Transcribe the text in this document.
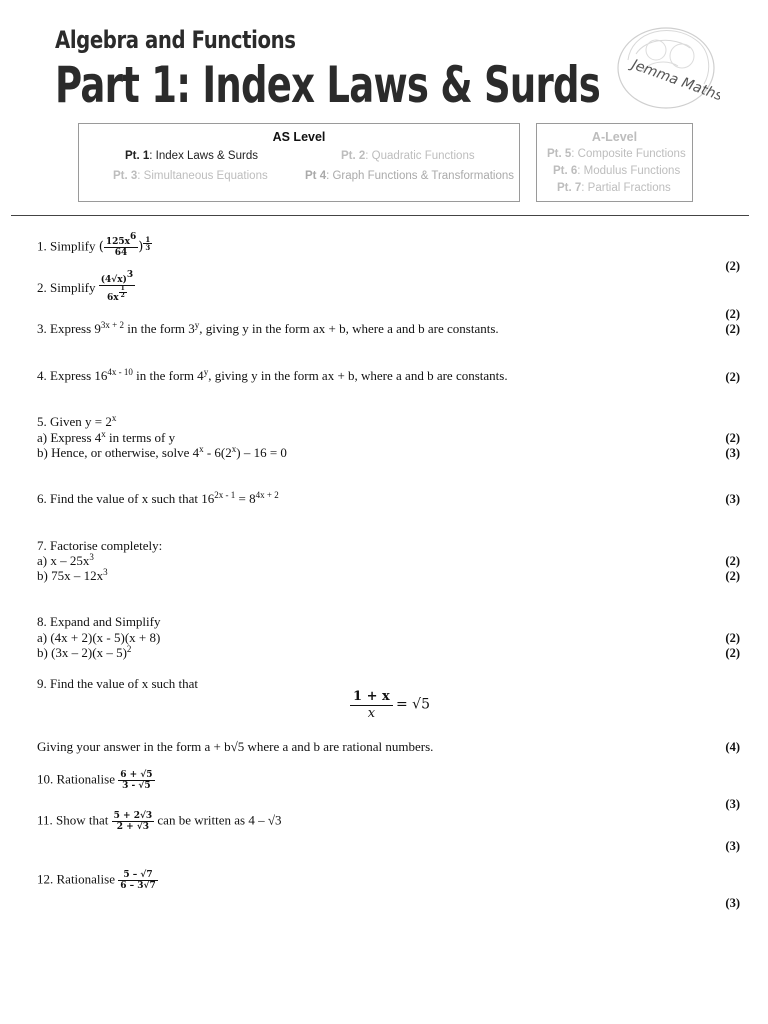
Algebra and Functions
Part 1: Index Laws & Surds Jemma Maths
AS Level
Pt. 1: Index Laws & Surds	Pt. 2: Quadratic Functions
Pt. 3: Simultaneous Equations	Pt 4: Graph Functions & Transformations
A-Level
Pt. 5: Composite Functions
Pt. 6: Modulus Functions
Pt. 7: Partial Fractions
1. Simplify ( $\frac{125x^6}{64}$ ) $^{\frac{1}{3}}$
(2)
2. Simplify $(4√x)^3$
6x $^{\frac{1}{2}}$
(2)
3. Express $9^{3x + 2}$ in the form 3$^y$, giving y in the form ax + b, where a and b are constants.	(2)
4. Express $16^{4x - 10}$ in the form 4$^y$, giving y in the form ax + b, where a and b are constants.	(2)
5. Given $y = 2^x$
a) Express 4$^x$ in terms of y	(2)
b) Hence, or otherwise, solve 4$^x$ - 6(2$^x$) – 16 = 0	(3)
6. Find the value of x such that $16^{2x - 1} = 8^{4x + 2}$	(3)
7. Factorise completely:
a) x – $25x^3$	(2)
b) $75x - 12x^3$	(2)
8. Expand and Simplify
a) (4x + 2)(x - 5)(x + 8)	(2)
b) (3x – 2)(x – 5)$^2$	(2)
9. Find the value of x such that
$\frac{1 + x}{x} = √5$
Giving your answer in the form a + b√5 where a and b are rational numbers.	(4)
10. Rationalise $\frac{6 + √5}{3 - √5}$
(3)
11. Show that $\frac{5 + 2√3}{2 + √3}$ can be written as 4 – √3
(3)
12. Rationalise $\frac{5 - √7}{6 - 3√7}$
(3)
